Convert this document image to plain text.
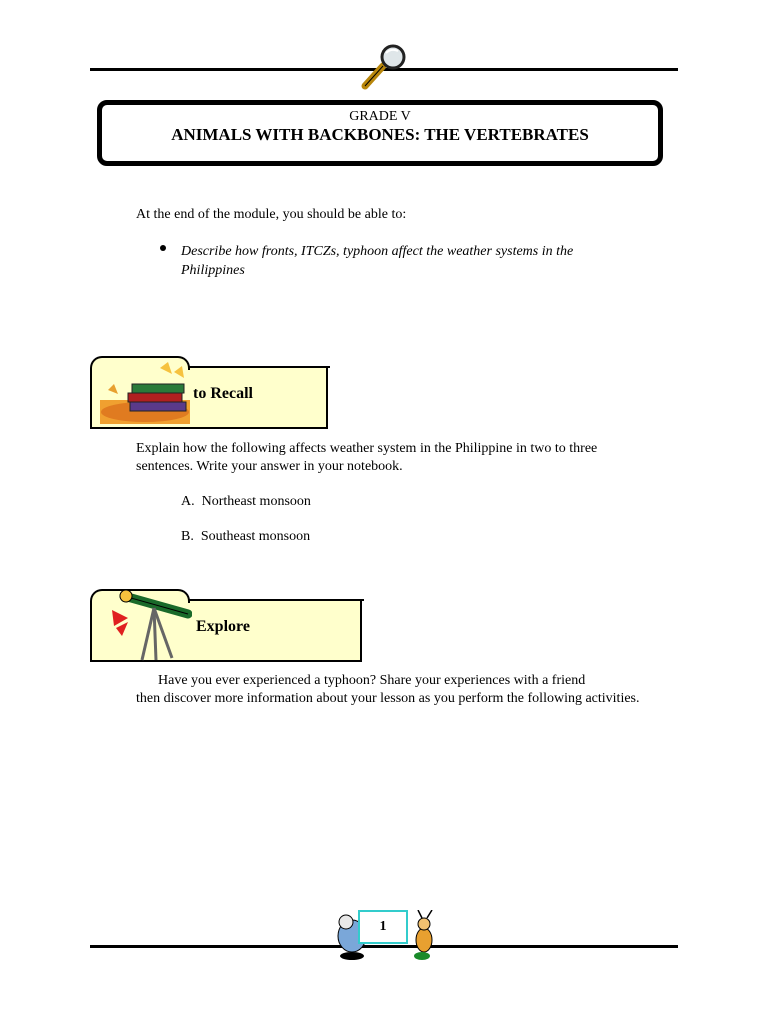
GRADE V
ANIMALS WITH BACKBONES: THE VERTEBRATES
At the end of the module, you should be able to:
Describe how fronts, ITCZs, typhoon affect the weather systems in the Philippines
to Recall
Explain how the following affects weather system in the Philippine in two to three
sentences. Write your answer in your notebook.
A. Northeast monsoon
B. Southeast monsoon
Explore
Have you ever experienced a typhoon? Share your experiences with a friend
then discover more information about your lesson as you perform the following activities.
1
